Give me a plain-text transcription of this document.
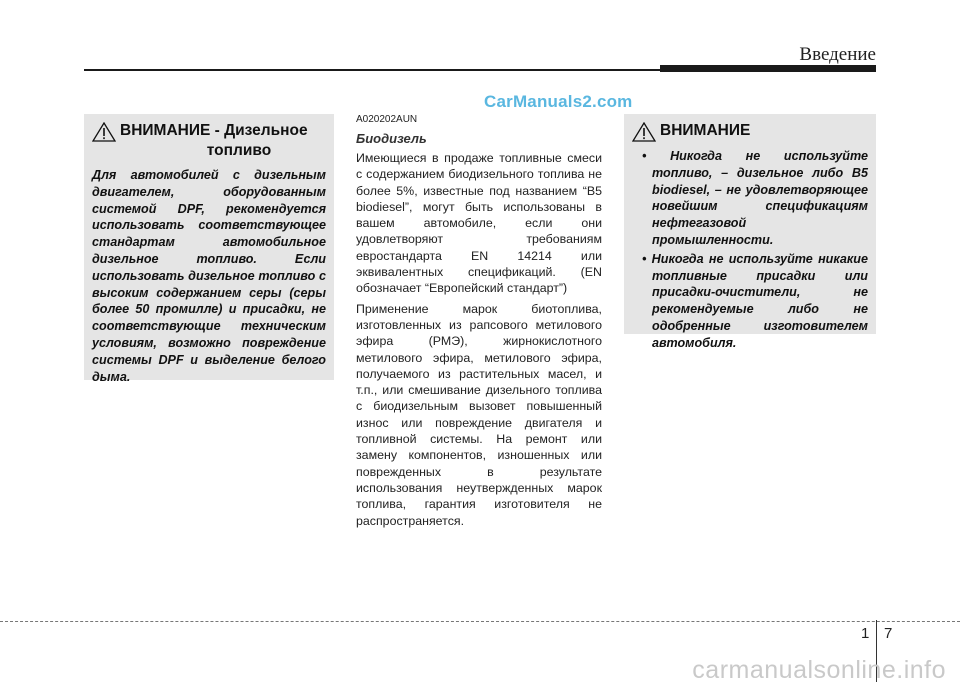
Введение
CarManuals2.com
ВНИМАНИЕ - Дизельное
топливо
Для автомобилей с дизельным двигателем, оборудованным системой DPF, рекомендуется использовать соответствующее стандартам автомобильное дизельное топливо. Если использовать дизельное топливо с высоким содержанием серы (серы более 50 промилле) и присадки, не соответствующие техническим условиям, возможно повреждение системы DPF и выделение белого дыма.
A020202AUN
Биодизель

Имеющиеся в продаже топливные смеси с содержанием биодизельного топлива не более 5%, известные под названием “B5 biodiesel”, могут быть использованы в вашем автомобиле, если они удовлетворяют требованиям евростандарта EN 14214 или эквивалентных спецификаций. (EN обозначает “Европейский стандарт”)

Применение марок биотоплива, изготовленных из рапсового метилового эфира (РМЭ), жирнокислотного метилового эфира, метилового эфира, получаемого из растительных масел, и т.п., или смешивание дизельного топлива с биодизельным вызовет повышенный износ или повреждение двигателя и топливной системы. На ремонт или замену компонентов, изношенных или поврежденных в результате использования неутвержденных марок топлива, гарантия изготовителя не распространяется.

ВНИМАНИЕ
• Никогда не используйте топливо, – дизельное либо B5 biodiesel, – не удовлетворяющее новейшим спецификациям нефтегазовой промышленности.
• Никогда не используйте никакие топливные присадки или присадки-очистители, не рекомендуемые либо не одобренные изготовителем автомобиля.
1 7
carmanualsonline.info
